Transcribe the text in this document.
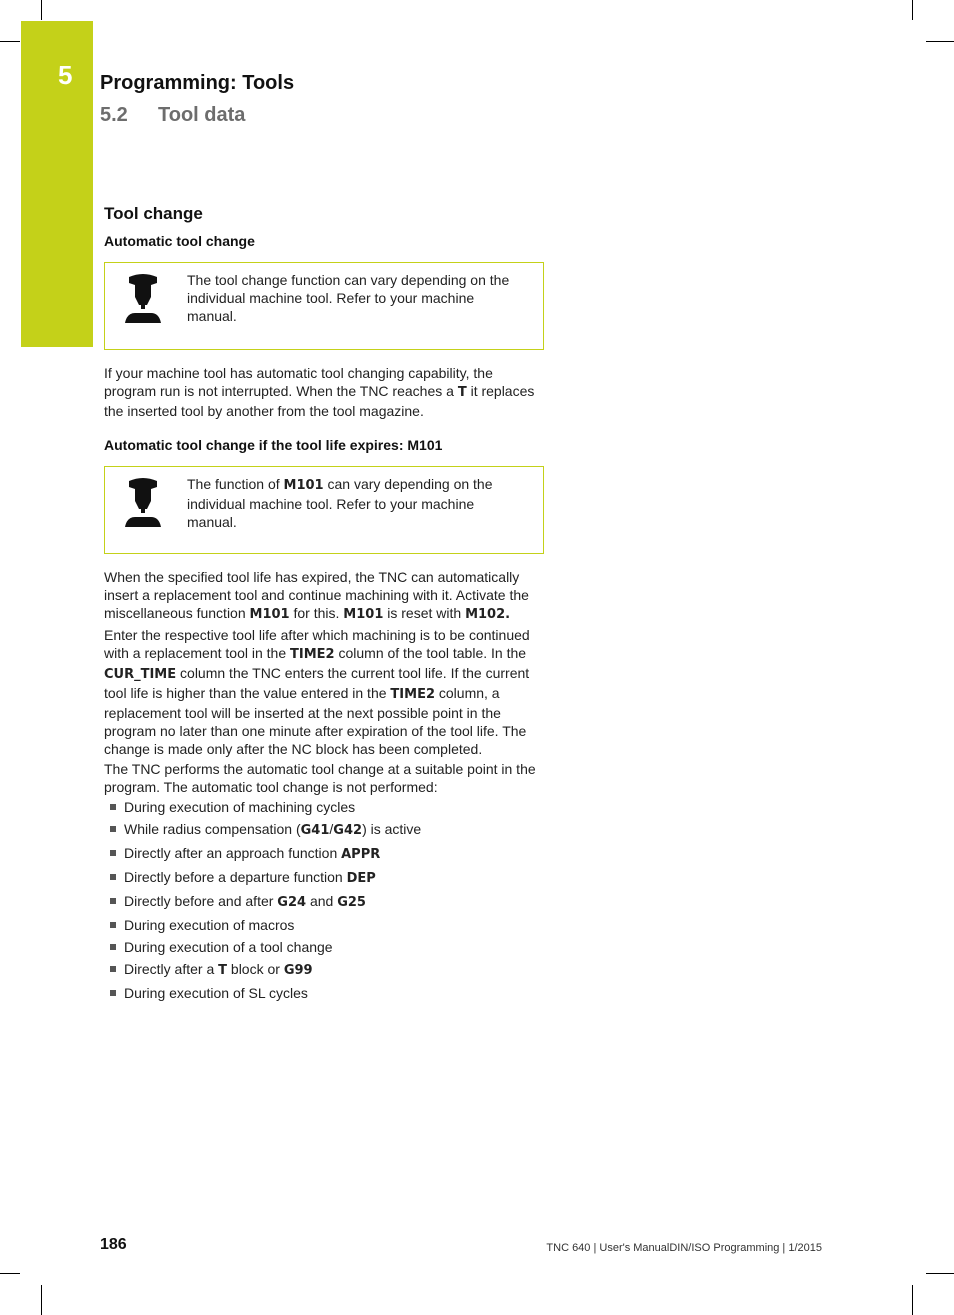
5 Programming: Tools
5.2 Tool data
Tool change
Automatic tool change
The tool change function can vary depending on the individual machine tool. Refer to your machine manual.

If your machine tool has automatic tool changing capability, the program run is not interrupted. When the TNC reaches a T it replaces the inserted tool by another from the tool magazine.

Automatic tool change if the tool life expires: M101
The function of M101 can vary depending on the individual machine tool. Refer to your machine manual.

When the specified tool life has expired, the TNC can automatically insert a replacement tool and continue machining with it. Activate the miscellaneous function M101 for this. M101 is reset with M102.

Enter the respective tool life after which machining is to be continued with a replacement tool in the TIME2 column of the tool table. In the CUR_TIME column the TNC enters the current tool life. If the current tool life is higher than the value entered in the TIME2 column, a replacement tool will be inserted at the next possible point in the program no later than one minute after expiration of the tool life. The change is made only after the NC block has been completed.

The TNC performs the automatic tool change at a suitable point in the program. The automatic tool change is not performed:

During execution of machining cycles
While radius compensation (G41/G42) is active
Directly after an approach function APPR
Directly before a departure function DEP
Directly before and after G24 and G25
During execution of macros
During execution of a tool change
Directly after a T block or G99
During execution of SL cycles
186	TNC 640 | User's ManualDIN/ISO Programming | 1/2015
